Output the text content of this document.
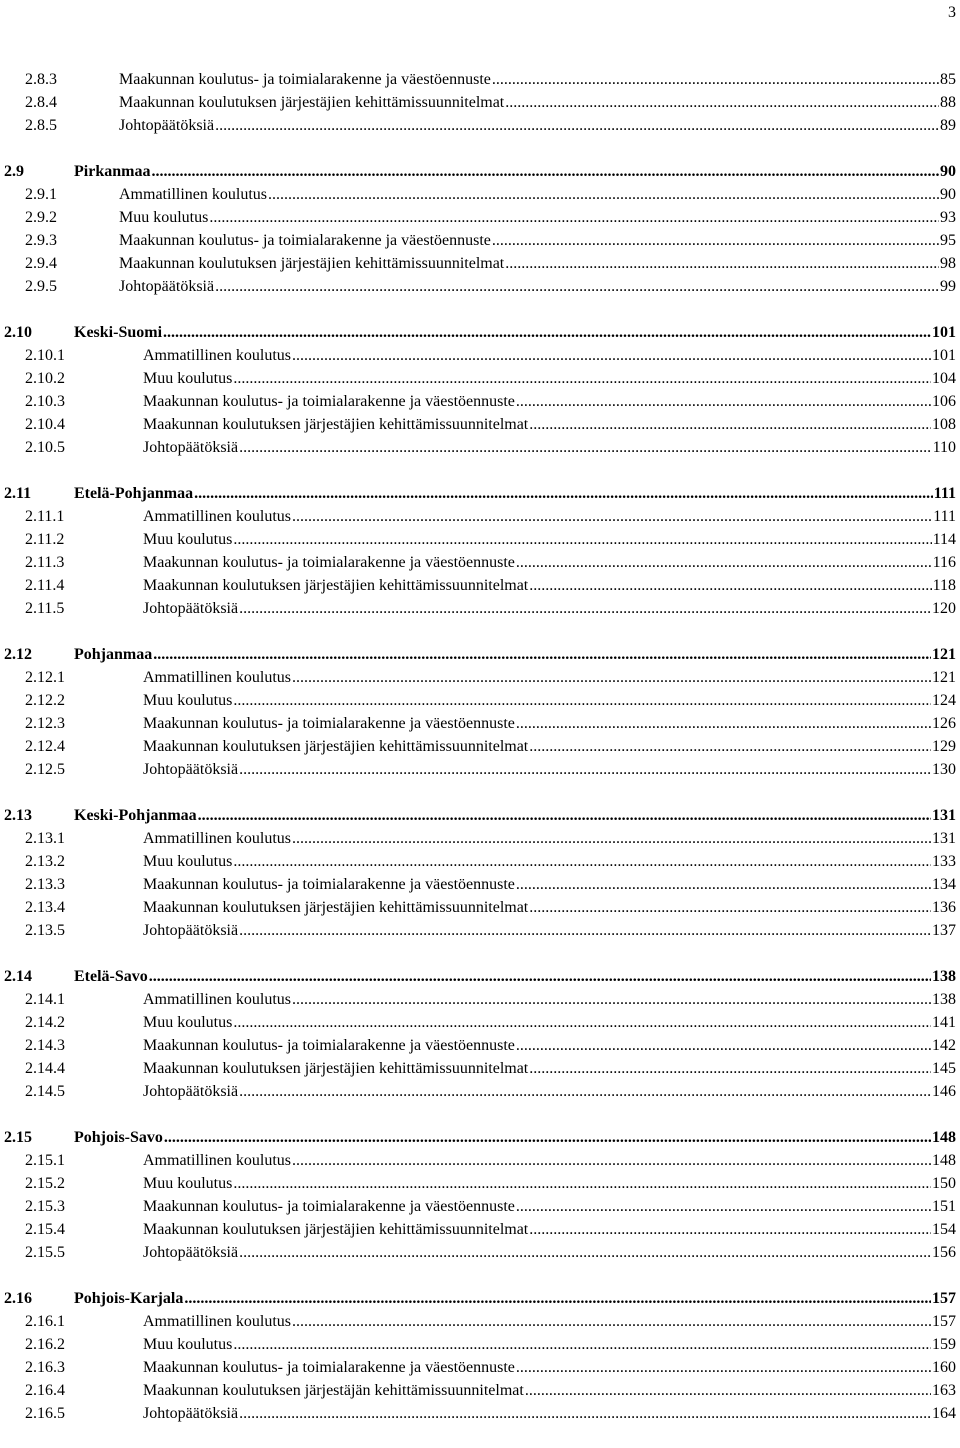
3
2.8.3	Maakunnan koulutus- ja toimialarakenne ja väestöennuste .....	85
2.8.4	Maakunnan koulutuksen järjestäjien kehittämissuunnitelmat .....	88
2.8.5	Johtopäätöksiä .....	89
2.9	Pirkanmaa .....	90
2.9.1	Ammatillinen koulutus .....	90
2.9.2	Muu koulutus .....	93
2.9.3	Maakunnan koulutus- ja toimialarakenne ja väestöennuste .....	95
2.9.4	Maakunnan koulutuksen järjestäjien kehittämissuunnitelmat .....	98
2.9.5	Johtopäätöksiä .....	99
2.10	Keski-Suomi .....	101
2.10.1	Ammatillinen koulutus .....	101
2.10.2	Muu koulutus .....	104
2.10.3	Maakunnan koulutus- ja toimialarakenne ja väestöennuste .....	106
2.10.4	Maakunnan koulutuksen järjestäjien kehittämissuunnitelmat .....	108
2.10.5	Johtopäätöksiä .....	110
2.11	Etelä-Pohjanmaa .....	111
2.11.1	Ammatillinen koulutus .....	111
2.11.2	Muu koulutus .....	114
2.11.3	Maakunnan koulutus- ja toimialarakenne ja väestöennuste .....	116
2.11.4	Maakunnan koulutuksen järjestäjien kehittämissuunnitelmat .....	118
2.11.5	Johtopäätöksiä .....	120
2.12	Pohjanmaa .....	121
2.12.1	Ammatillinen koulutus .....	121
2.12.2	Muu koulutus .....	124
2.12.3	Maakunnan koulutus- ja toimialarakenne ja väestöennuste .....	126
2.12.4	Maakunnan koulutuksen järjestäjien kehittämissuunnitelmat .....	129
2.12.5	Johtopäätöksiä .....	130
2.13	Keski-Pohjanmaa .....	131
2.13.1	Ammatillinen koulutus .....	131
2.13.2	Muu koulutus .....	133
2.13.3	Maakunnan koulutus- ja toimialarakenne ja väestöennuste .....	134
2.13.4	Maakunnan koulutuksen järjestäjien kehittämissuunnitelmat .....	136
2.13.5	Johtopäätöksiä .....	137
2.14	Etelä-Savo .....	138
2.14.1	Ammatillinen koulutus .....	138
2.14.2	Muu koulutus .....	141
2.14.3	Maakunnan koulutus- ja toimialarakenne ja väestöennuste .....	142
2.14.4	Maakunnan koulutuksen järjestäjien kehittämissuunnitelmat .....	145
2.14.5	Johtopäätöksiä .....	146
2.15	Pohjois-Savo .....	148
2.15.1	Ammatillinen koulutus .....	148
2.15.2	Muu koulutus .....	150
2.15.3	Maakunnan koulutus- ja toimialarakenne ja väestöennuste .....	151
2.15.4	Maakunnan koulutuksen järjestäjien kehittämissuunnitelmat .....	154
2.15.5	Johtopäätöksiä .....	156
2.16	Pohjois-Karjala .....	157
2.16.1	Ammatillinen koulutus .....	157
2.16.2	Muu koulutus .....	159
2.16.3	Maakunnan koulutus- ja toimialarakenne ja väestöennuste .....	160
2.16.4	Maakunnan koulutuksen järjestäjän kehittämissuunnitelmat .....	163
2.16.5	Johtopäätöksiä .....	164
